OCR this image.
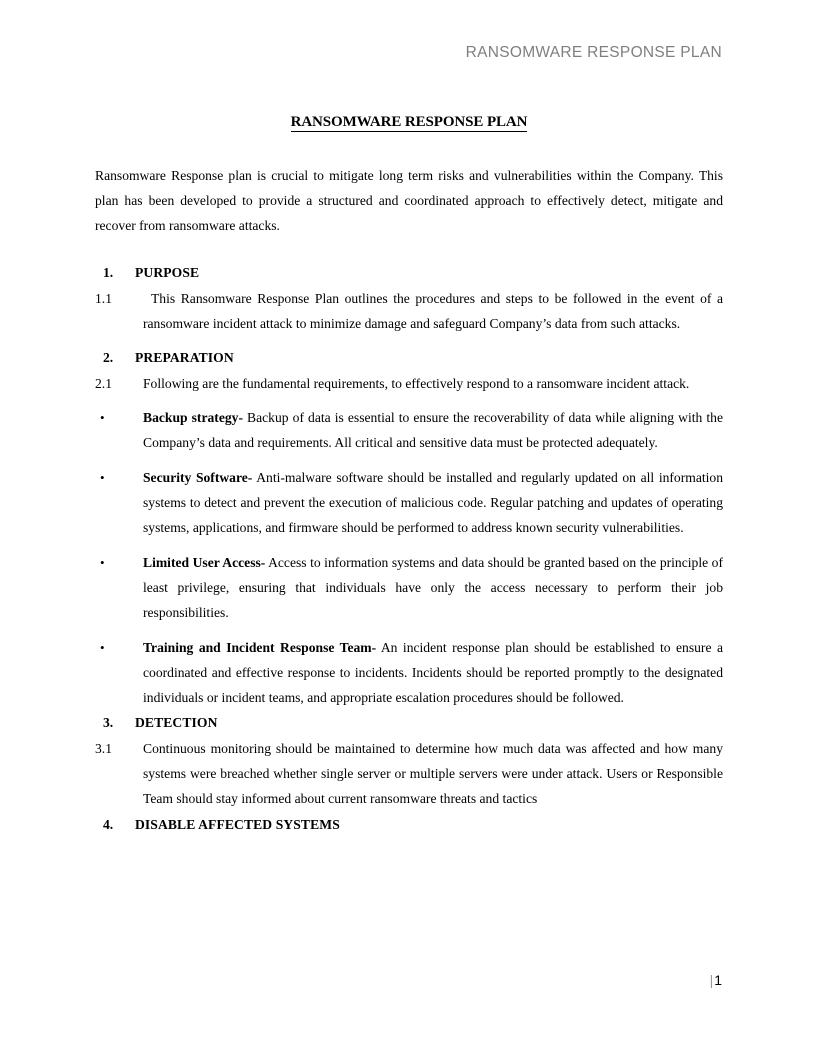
RANSOMWARE RESPONSE PLAN
RANSOMWARE RESPONSE PLAN

Ransomware Response plan is crucial to mitigate long term risks and vulnerabilities within the Company. This plan has been developed to provide a structured and coordinated approach to effectively detect, mitigate and recover from ransomware attacks.

1.	PURPOSE
1.1	This Ransomware Response Plan outlines the procedures and steps to be followed in the event of a ransomware incident attack to minimize damage and safeguard Company’s data from such attacks.
2.	PREPARATION
2.1	Following are the fundamental requirements, to effectively respond to a ransomware incident attack.
•	Backup strategy- Backup of data is essential to ensure the recoverability of data while aligning with the Company’s data and requirements. All critical and sensitive data must be protected adequately.
•	Security Software- Anti-malware software should be installed and regularly updated on all information systems to detect and prevent the execution of malicious code. Regular patching and updates of operating systems, applications, and firmware should be performed to address known security vulnerabilities.
•	Limited User Access- Access to information systems and data should be granted based on the principle of least privilege, ensuring that individuals have only the access necessary to perform their job responsibilities.
•	Training and Incident Response Team- An incident response plan should be established to ensure a coordinated and effective response to incidents. Incidents should be reported promptly to the designated individuals or incident teams, and appropriate escalation procedures should be followed.
3.	DETECTION
3.1	Continuous monitoring should be maintained to determine how much data was affected and how many systems were breached whether single server or multiple servers were under attack. Users or Responsible Team should stay informed about current ransomware threats and tactics
4.	DISABLE AFFECTED SYSTEMS
|1
